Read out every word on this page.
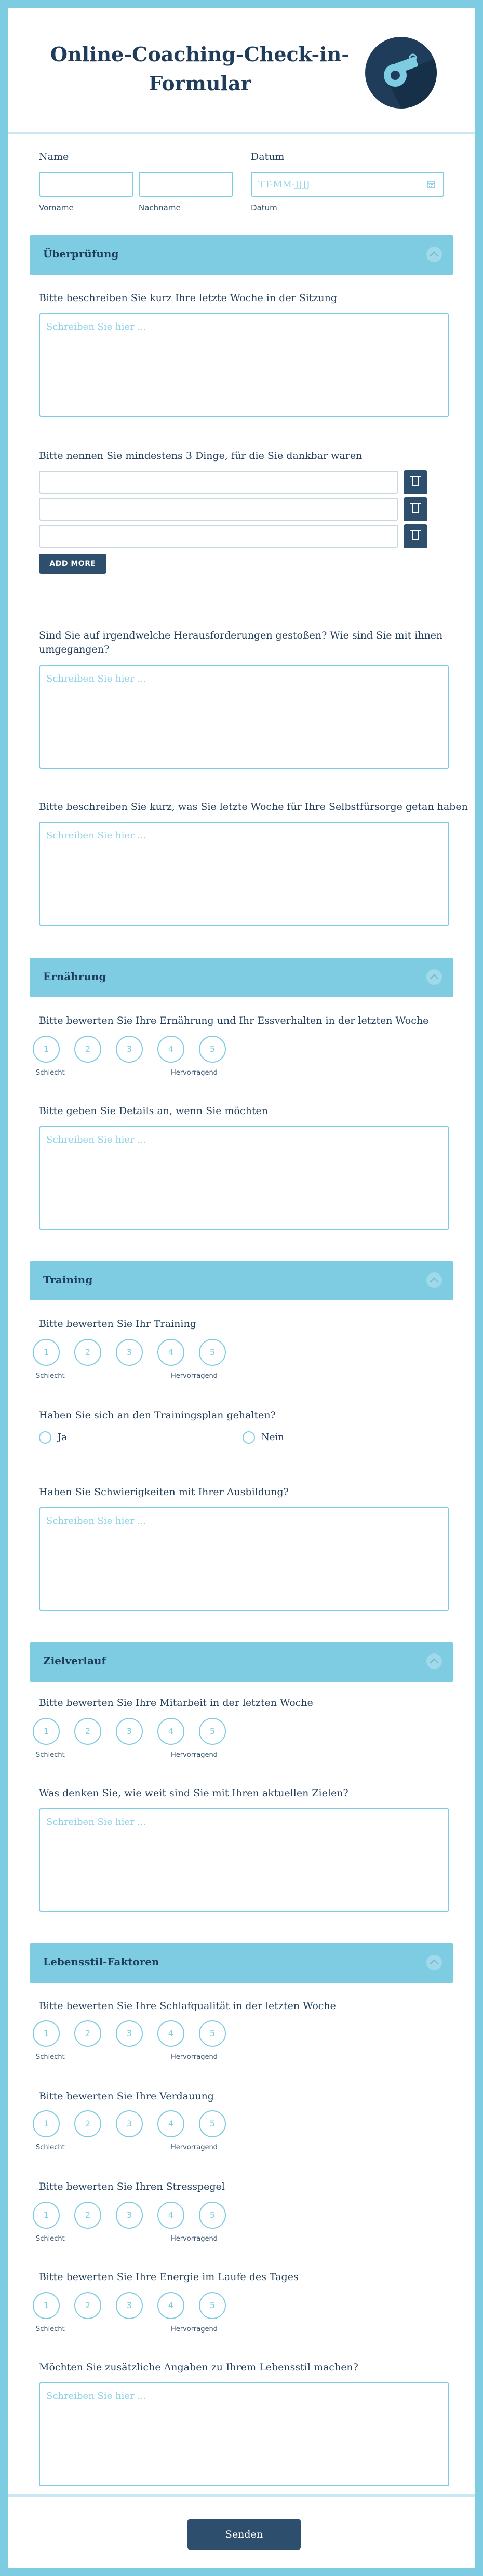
Online-Coaching-Check-in-Formular
Name
Vorname	Nachname
Datum
TT-MM-JJJJ
Datum
Überprüfung
Bitte beschreiben Sie kurz Ihre letzte Woche in der Sitzung
Schreiben Sie hier ...
Bitte nennen Sie mindestens 3 Dinge, für die Sie dankbar waren
ADD MORE
Sind Sie auf irgendwelche Herausforderungen gestoßen? Wie sind Sie mit ihnen umgegangen?
Schreiben Sie hier ...
Bitte beschreiben Sie kurz, was Sie letzte Woche für Ihre Selbstfürsorge getan haben
Schreiben Sie hier ...
Ernährung
Bitte bewerten Sie Ihre Ernährung und Ihr Essverhalten in der letzten Woche
1	2	3	4	5
Schlecht	Hervorragend
Bitte geben Sie Details an, wenn Sie möchten
Schreiben Sie hier ...
Training
Bitte bewerten Sie Ihr Training
1	2	3	4	5
Schlecht	Hervorragend
Haben Sie sich an den Trainingsplan gehalten?
Ja	Nein
Haben Sie Schwierigkeiten mit Ihrer Ausbildung?
Schreiben Sie hier ...
Zielverlauf
Bitte bewerten Sie Ihre Mitarbeit in der letzten Woche
1	2	3	4	5
Schlecht	Hervorragend
Was denken Sie, wie weit sind Sie mit Ihren aktuellen Zielen?
Schreiben Sie hier ...
Lebensstil-Faktoren
Bitte bewerten Sie Ihre Schlafqualität in der letzten Woche
1	2	3	4	5
Schlecht	Hervorragend
Bitte bewerten Sie Ihre Verdauung
1	2	3	4	5
Schlecht	Hervorragend
Bitte bewerten Sie Ihren Stresspegel
1	2	3	4	5
Schlecht	Hervorragend
Bitte bewerten Sie Ihre Energie im Laufe des Tages
1	2	3	4	5
Schlecht	Hervorragend
Möchten Sie zusätzliche Angaben zu Ihrem Lebensstil machen?
Schreiben Sie hier ...
Senden
